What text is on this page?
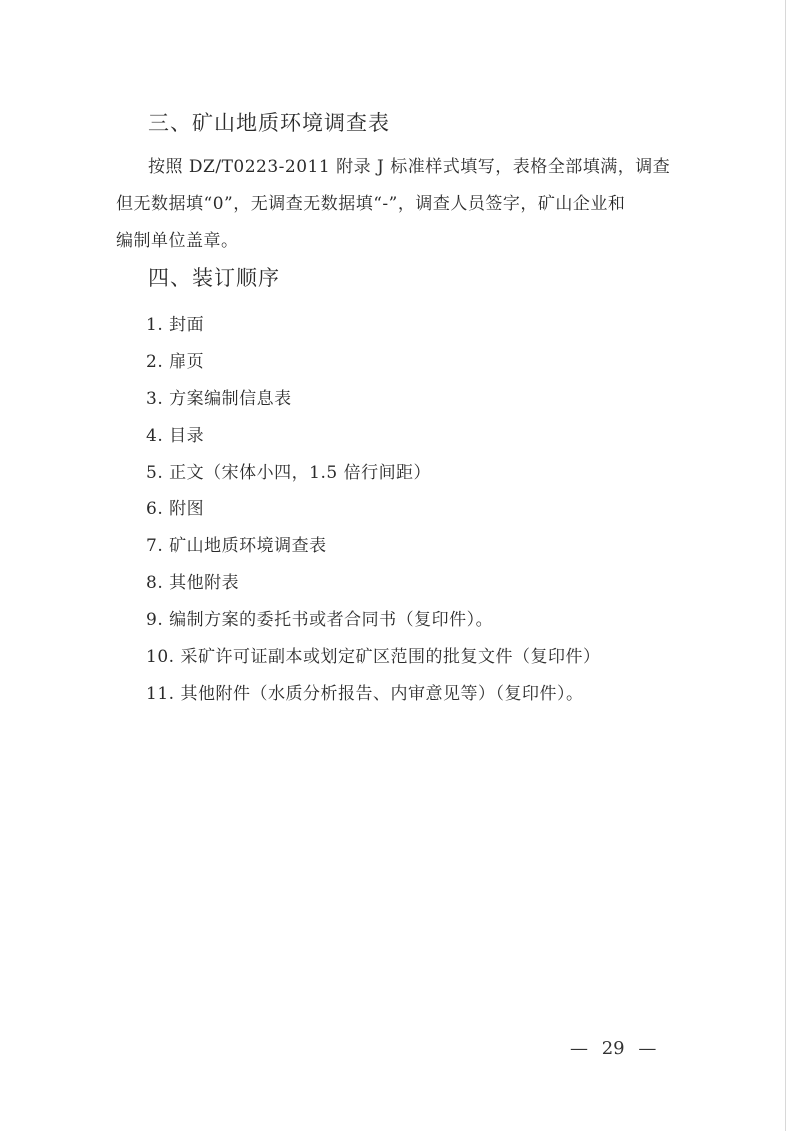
三、矿山地质环境调查表
按照 DZ/T0223-2011 附录 J 标准样式填写，表格全部填满，调查
但无数据填“0”，无调查无数据填“-”，调查人员签字，矿山企业和
编制单位盖章。
四、装订顺序
1. 封面
2. 扉页
3. 方案编制信息表
4. 目录
5. 正文（宋体小四，1.5 倍行间距）
6. 附图
7. 矿山地质环境调查表
8. 其他附表
9. 编制方案的委托书或者合同书（复印件）。
10. 采矿许可证副本或划定矿区范围的批复文件（复印件）
11. 其他附件（水质分析报告、内审意见等）（复印件）。
— 29 —
